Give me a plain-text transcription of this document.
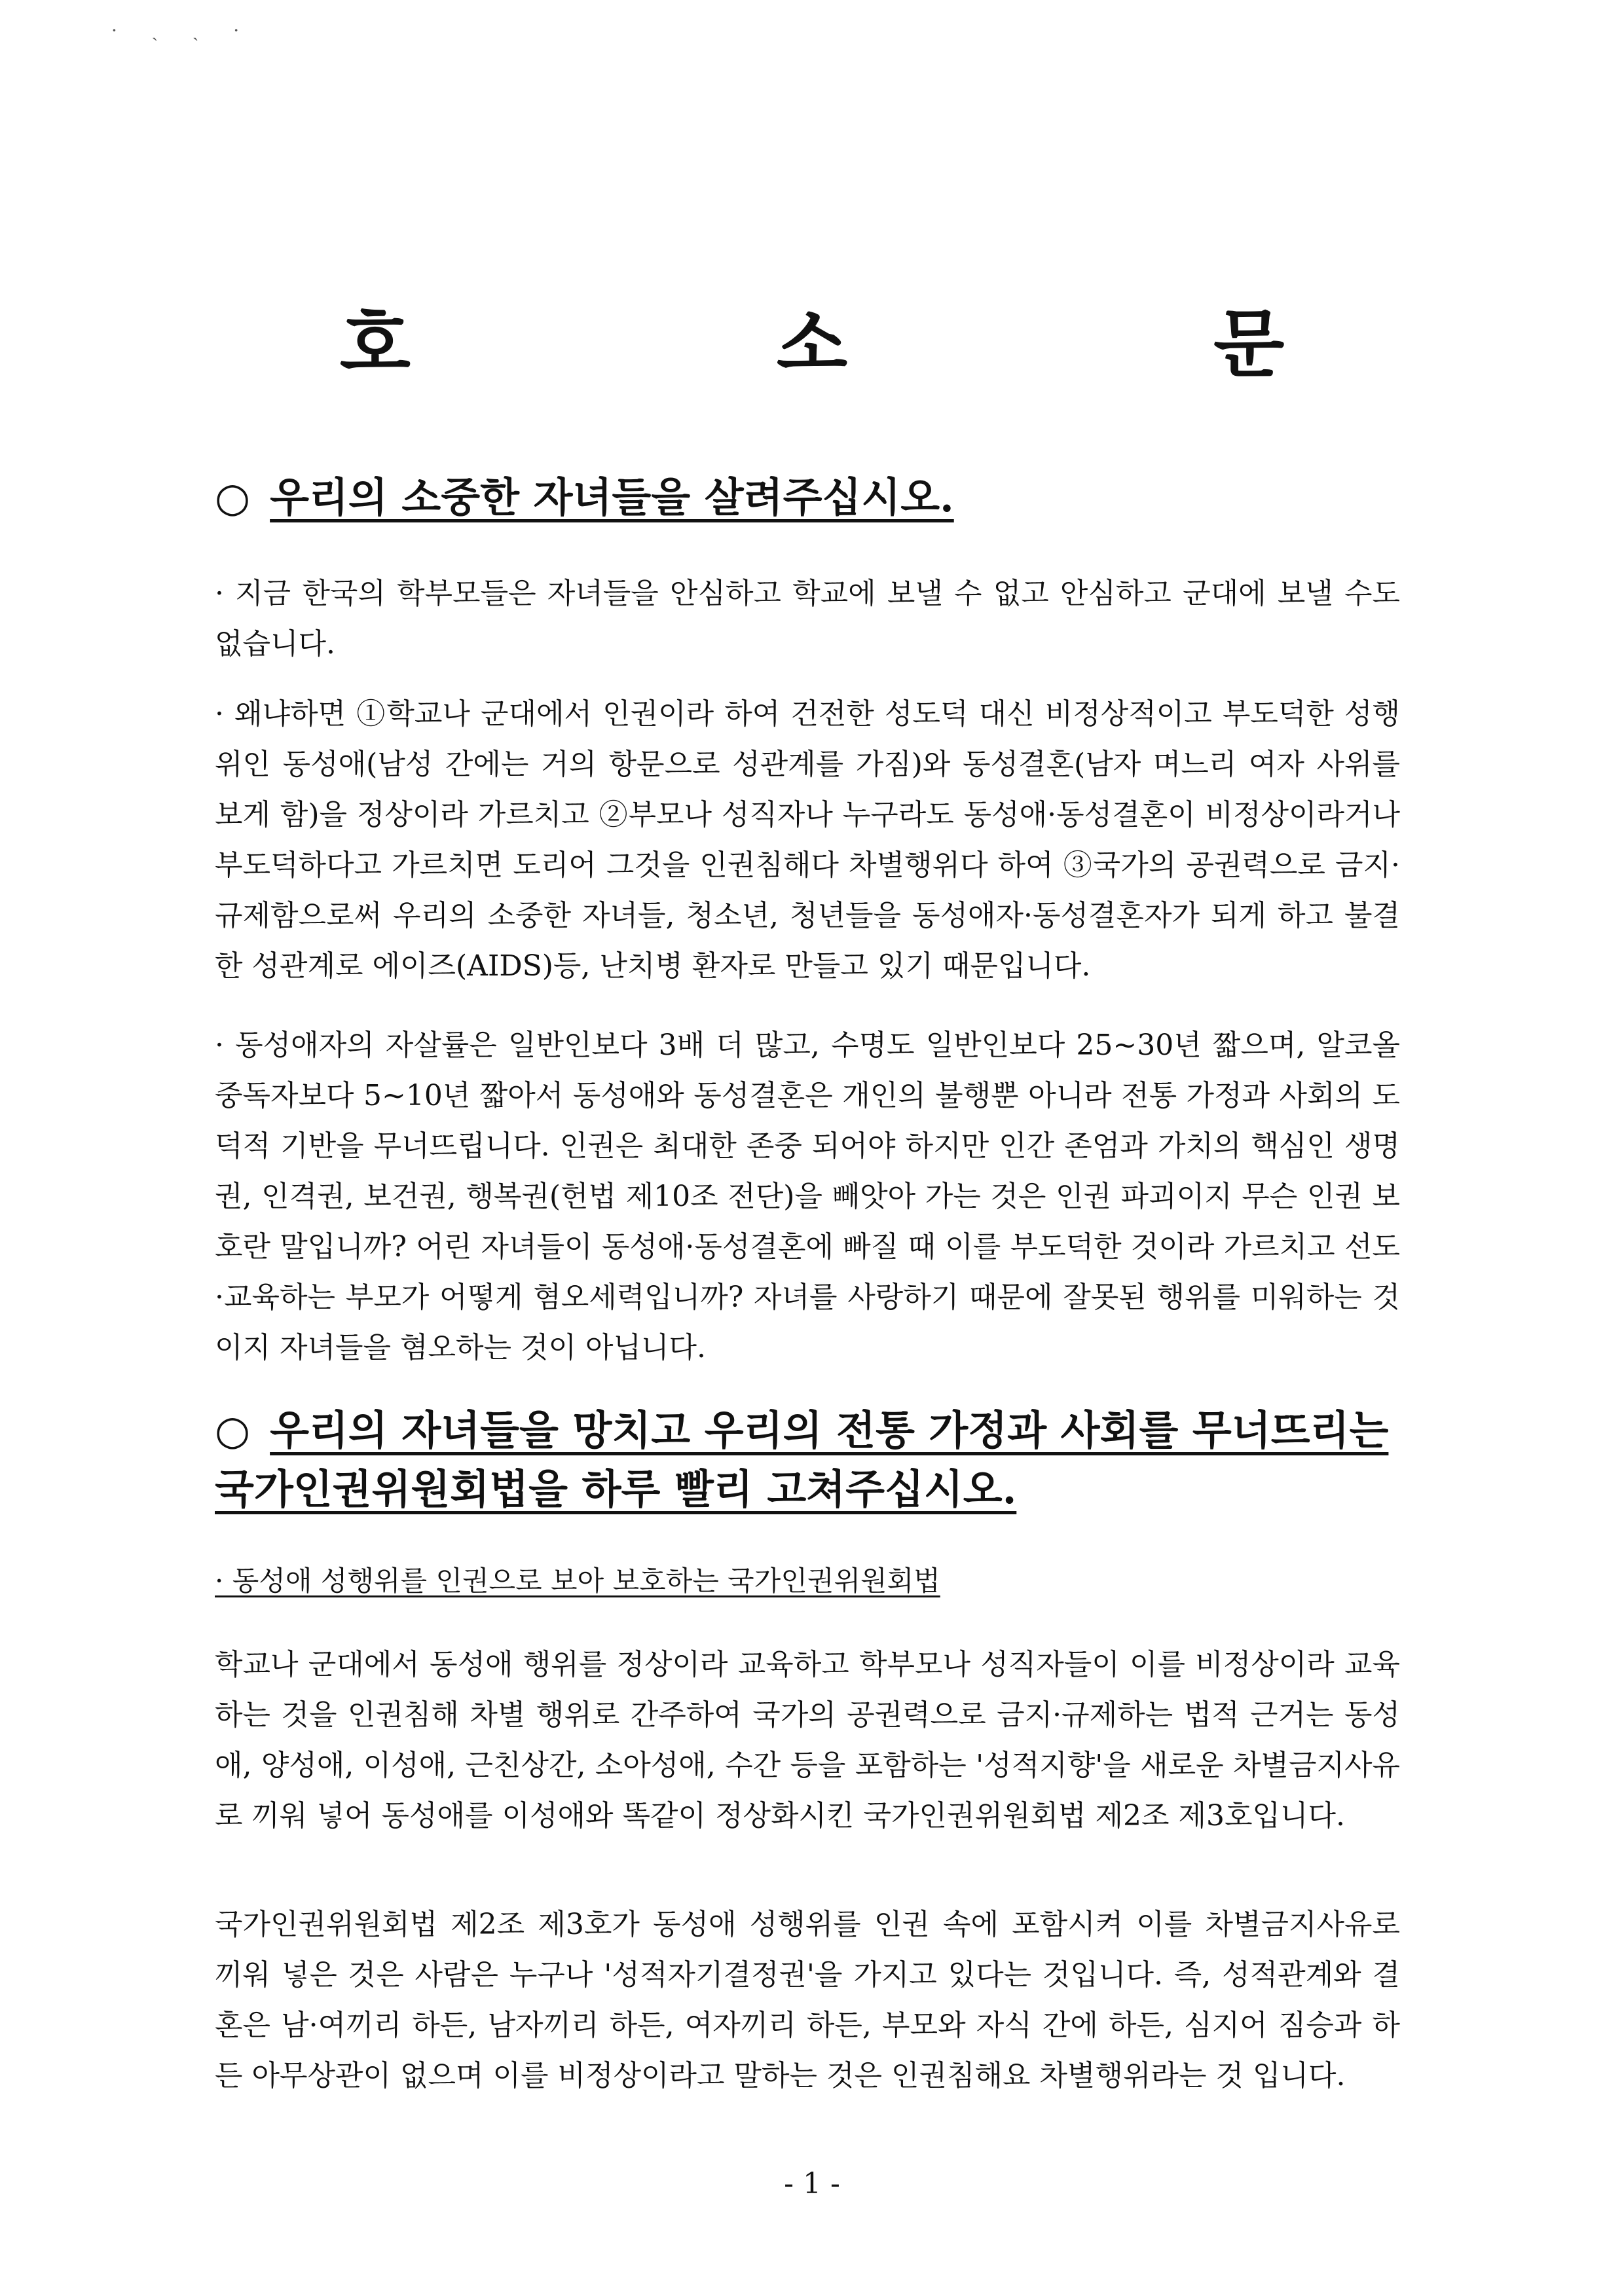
· ˏ ˎ ·
호 소 문
○ 우리의 소중한 자녀들을 살려주십시오.

· 지금 한국의 학부모들은 자녀들을 안심하고 학교에 보낼 수 없고 안심하고 군대에 보낼 수도 없습니다.

· 왜냐하면 ①학교나 군대에서 인권이라 하여 건전한 성도덕 대신 비정상적이고 부도덕한 성행위인 동성애(남성 간에는 거의 항문으로 성관계를 가짐)와 동성결혼(남자 며느리 여자 사위를 보게 함)을 정상이라 가르치고 ②부모나 성직자나 누구라도 동성애·동성결혼이 비정상이라거나 부도덕하다고 가르치면 도리어 그것을 인권침해다 차별행위다 하여 ③국가의 공권력으로 금지·규제함으로써 우리의 소중한 자녀들, 청소년, 청년들을 동성애자·동성결혼자가 되게 하고 불결한 성관계로 에이즈(AIDS)등, 난치병 환자로 만들고 있기 때문입니다.

· 동성애자의 자살률은 일반인보다 3배 더 많고, 수명도 일반인보다 25~30년 짧으며, 알코올중독자보다 5~10년 짧아서 동성애와 동성결혼은 개인의 불행뿐 아니라 전통 가정과 사회의 도덕적 기반을 무너뜨립니다. 인권은 최대한 존중 되어야 하지만 인간 존엄과 가치의 핵심인 생명권, 인격권, 보건권, 행복권(헌법 제10조 전단)을 빼앗아 가는 것은 인권 파괴이지 무슨 인권 보호란 말입니까? 어린 자녀들이 동성애·동성결혼에 빠질 때 이를 부도덕한 것이라 가르치고 선도·교육하는 부모가 어떻게 혐오세력입니까? 자녀를 사랑하기 때문에 잘못된 행위를 미워하는 것이지 자녀들을 혐오하는 것이 아닙니다.

○ 우리의 자녀들을 망치고 우리의 전통 가정과 사회를 무너뜨리는 국가인권위원회법을 하루 빨리 고쳐주십시오.
· 동성애 성행위를 인권으로 보아 보호하는 국가인권위원회법

학교나 군대에서 동성애 행위를 정상이라 교육하고 학부모나 성직자들이 이를 비정상이라 교육하는 것을 인권침해 차별 행위로 간주하여 국가의 공권력으로 금지·규제하는 법적 근거는 동성애, 양성애, 이성애, 근친상간, 소아성애, 수간 등을 포함하는 '성적지향'을 새로운 차별금지사유로 끼워 넣어 동성애를 이성애와 똑같이 정상화시킨 국가인권위원회법 제2조 제3호입니다.

국가인권위원회법 제2조 제3호가 동성애 성행위를 인권 속에 포함시켜 이를 차별금지사유로 끼워 넣은 것은 사람은 누구나 '성적자기결정권'을 가지고 있다는 것입니다. 즉, 성적관계와 결혼은 남·여끼리 하든, 남자끼리 하든, 여자끼리 하든, 부모와 자식 간에 하든, 심지어 짐승과 하든 아무상관이 없으며 이를 비정상이라고 말하는 것은 인권침해요 차별행위라는 것 입니다.

- 1 -
